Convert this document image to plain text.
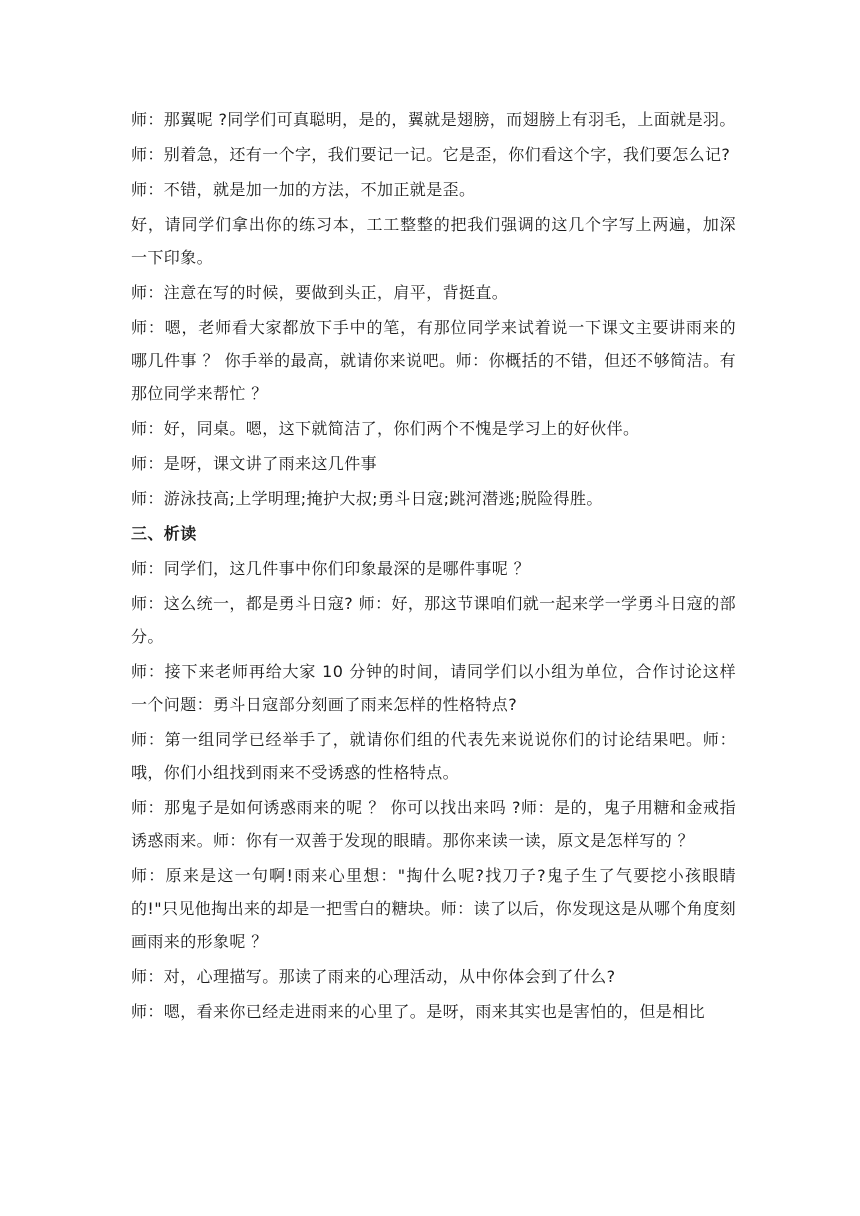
师：那翼呢 ?同学们可真聪明，是的，翼就是翅膀，而翅膀上有羽毛，上面就是羽。

师：别着急，还有一个字，我们要记一记。它是歪，你们看这个字，我们要怎么记?

师：不错，就是加一加的方法，不加正就是歪。

好，请同学们拿出你的练习本，工工整整的把我们强调的这几个字写上两遍，加深一下印象。

师：注意在写的时候，要做到头正，肩平，背挺直。

师：嗯，老师看大家都放下手中的笔，有那位同学来试着说一下课文主要讲雨来的哪几件事 ？ 你手举的最高，就请你来说吧。师：你概括的不错，但还不够简洁。有那位同学来帮忙 ？

师：好，同桌。嗯，这下就简洁了，你们两个不愧是学习上的好伙伴。

师：是呀，课文讲了雨来这几件事

师：游泳技高;上学明理;掩护大叔;勇斗日寇;跳河潜逃;脱险得胜。

三、析读

师：同学们，这几件事中你们印象最深的是哪件事呢 ？

师：这么统一，都是勇斗日寇? 师：好，那这节课咱们就一起来学一学勇斗日寇的部分。

师：接下来老师再给大家 10 分钟的时间，请同学们以小组为单位，合作讨论这样一个问题：勇斗日寇部分刻画了雨来怎样的性格特点?

师：第一组同学已经举手了，就请你们组的代表先来说说你们的讨论结果吧。师：哦，你们小组找到雨来不受诱惑的性格特点。

师：那鬼子是如何诱惑雨来的呢 ？ 你可以找出来吗 ?师：是的，鬼子用糖和金戒指诱惑雨来。师：你有一双善于发现的眼睛。那你来读一读，原文是怎样写的 ？

师：原来是这一句啊!雨来心里想："掏什么呢?找刀子?鬼子生了气要挖小孩眼睛的!"只见他掏出来的却是一把雪白的糖块。师：读了以后，你发现这是从哪个角度刻画雨来的形象呢 ？

师：对，心理描写。那读了雨来的心理活动，从中你体会到了什么?

师：嗯，看来你已经走进雨来的心里了。是呀，雨来其实也是害怕的，但是相比
